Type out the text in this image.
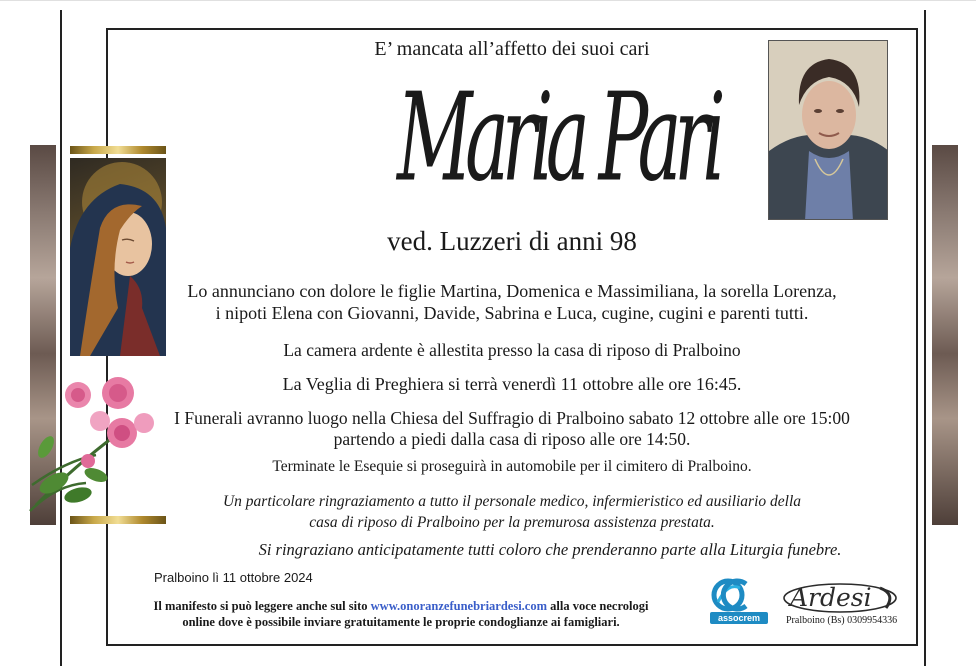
E’ mancata all’affetto dei suoi cari
Maria Pari
ved. Luzzeri di anni 98
Lo annunciano con dolore le figlie Martina, Domenica e Massimiliana, la sorella Lorenza,
i nipoti Elena con Giovanni, Davide, Sabrina e Luca, cugine, cugini e parenti tutti.
La camera ardente è allestita presso la casa di riposo di Pralboino
La Veglia di Preghiera si terrà venerdì 11 ottobre alle ore 16:45.
I Funerali avranno luogo nella Chiesa del Suffragio di Pralboino sabato 12 ottobre alle ore 15:00
partendo a piedi dalla casa di riposo alle ore 14:50.
Terminate le Esequie si proseguirà in automobile per il cimitero di Pralboino.
Un particolare ringraziamento a tutto il personale medico, infermieristico ed ausiliario della
casa di riposo di Pralboino per la premurosa assistenza prestata.
Si ringraziano anticipatamente tutti coloro che prenderanno parte alla Liturgia funebre.
Pralboino lì 11 ottobre 2024
Il manifesto si può leggere anche sul sito www.onoranzefunebriardesi.com alla voce necrologi
online dove è possibile inviare gratuitamente le proprie condoglianze ai famigliari.	assocrem
Ardesi
Pralboino (Bs) 0309954336
